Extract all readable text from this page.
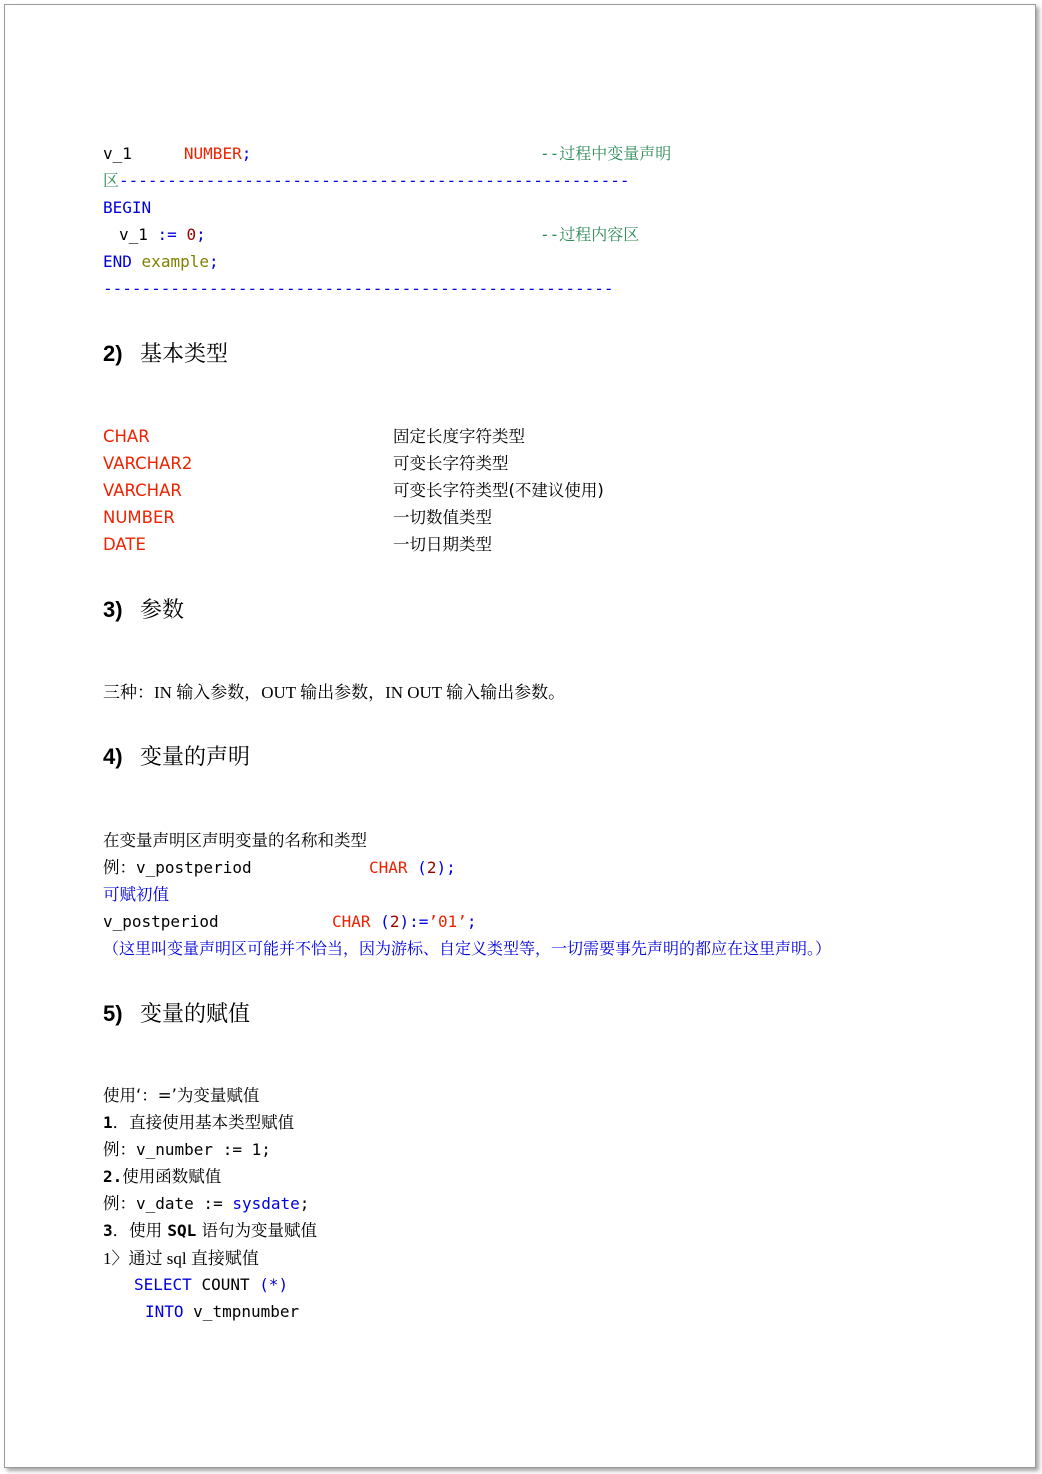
v_1	NUMBER;	--过程中变量声明
区-----------------------------------------------------
BEGIN
v_1 := 0;	--过程内容区
END example;
-----------------------------------------------------
2) 基本类型
CHAR	固定长度字符类型
VARCHAR2	可变长字符类型
VARCHAR	可变长字符类型(不建议使用)
NUMBER	一切数值类型
DATE	一切日期类型
3) 参数
三种：IN 输入参数，OUT 输出参数，IN OUT 输入输出参数。
4) 变量的声明
在变量声明区声明变量的名称和类型
例：v_postperiod	CHAR (2);
可赋初值
v_postperiod	CHAR (2):=’01’;
（这里叫变量声明区可能并不恰当，因为游标、自定义类型等，一切需要事先声明的都应在这里声明。）
5) 变量的赋值
使用‘：=’为变量赋值
1．直接使用基本类型赋值
例：v_number := 1;
2.使用函数赋值
例：v_date := sysdate;
3．使用 SQL 语句为变量赋值
1〉通过 sql 直接赋值
SELECT COUNT (*)
INTO v_tmpnumber
